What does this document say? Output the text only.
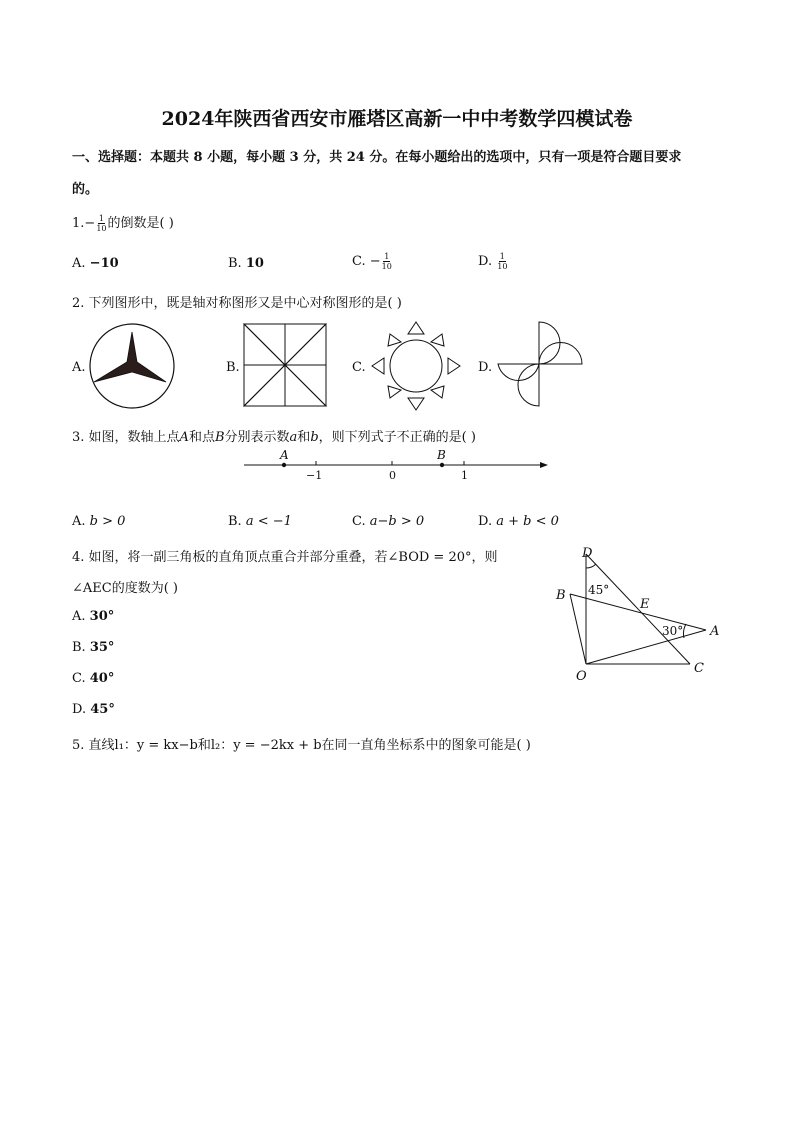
2024年陕西省西安市雁塔区高新一中中考数学四模试卷
一、选择题：本题共 8 小题，每小题 3 分，共 24 分。在每小题给出的选项中，只有一项是符合题目要求
的。
$1.- \frac{1}{10}$ 的倒数是( )
A. −10	B. 10	C. − $\frac{1}{10}$	D. $\frac{1}{10}$
2. 下列图形中，既是轴对称图形又是中心对称图形的是( )
A.	B.	C.	D.
3. 如图，数轴上点A和点B分别表示数a和b，则下列式子不正确的是( )
A	B
−1	0	1
A. b > 0	B. a < −1	C. a−b > 0	D. a + b < 0
4. 如图，将一副三角板的直角顶点重合并部分重叠，若∠BOD = 20°，则
∠AEC的度数为( )
A. 30°
B. 35°
C. 40°
D. 45°
D
B
E
A
O
C
45°
30°
5. 直线l₁：y = kx−b和l₂：y = −2kx + b在同一直角坐标系中的图象可能是( )
